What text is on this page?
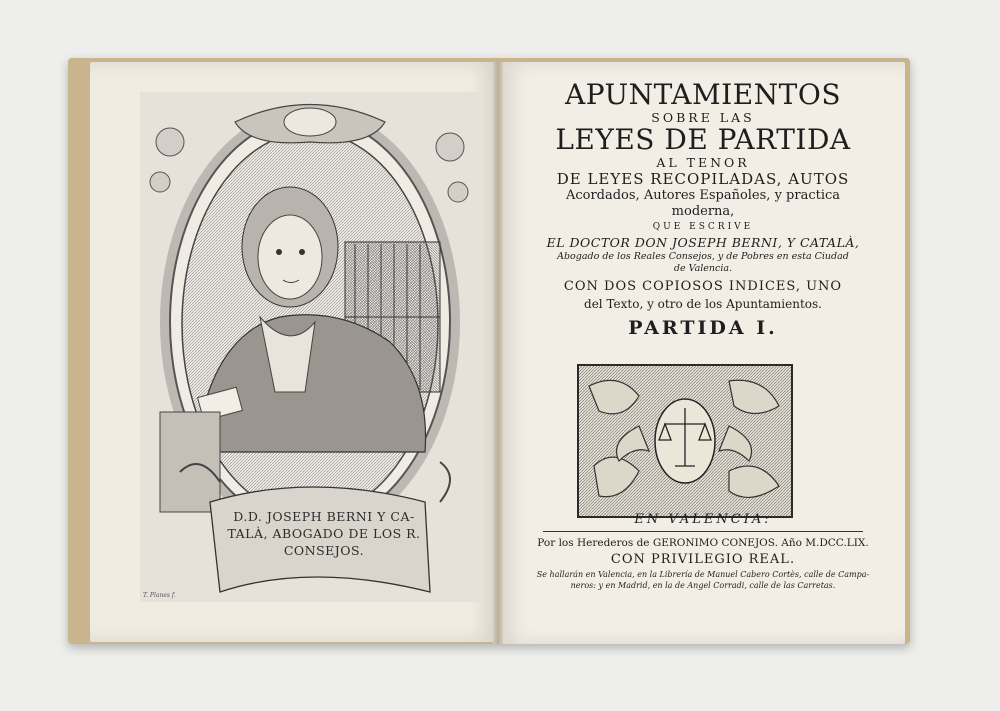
D.D. JOSEPH BERNI Y CA-
TALÀ, ABOGADO DE LOS R.
CONSEJOS.
T. Planes f.
APUNTAMIENTOS
SOBRE LAS
LEYES DE PARTIDA
AL TENOR
DE LEYES RECOPILADAS, AUTOS
Acordados, Autores Españoles, y practica
moderna,
QUE ESCRIVE
EL DOCTOR DON JOSEPH BERNI, Y CATALÀ,
Abogado de los Reales Consejos, y de Pobres en esta Ciudad
de Valencia.
CON DOS COPIOSOS INDICES, UNO
del Texto, y otro de los Apuntamientos.
PARTIDA I.
EN VALENCIA:
Por los Herederos de GERONIMO CONEJOS. Año M.DCC.LIX.
CON PRIVILEGIO REAL.
Se hallarán en Valencia, en la Librería de Manuel Cabero Cortès, calle de Campa-
neros: y en Madrid, en la de Angel Corradi, calle de las Carretas.
